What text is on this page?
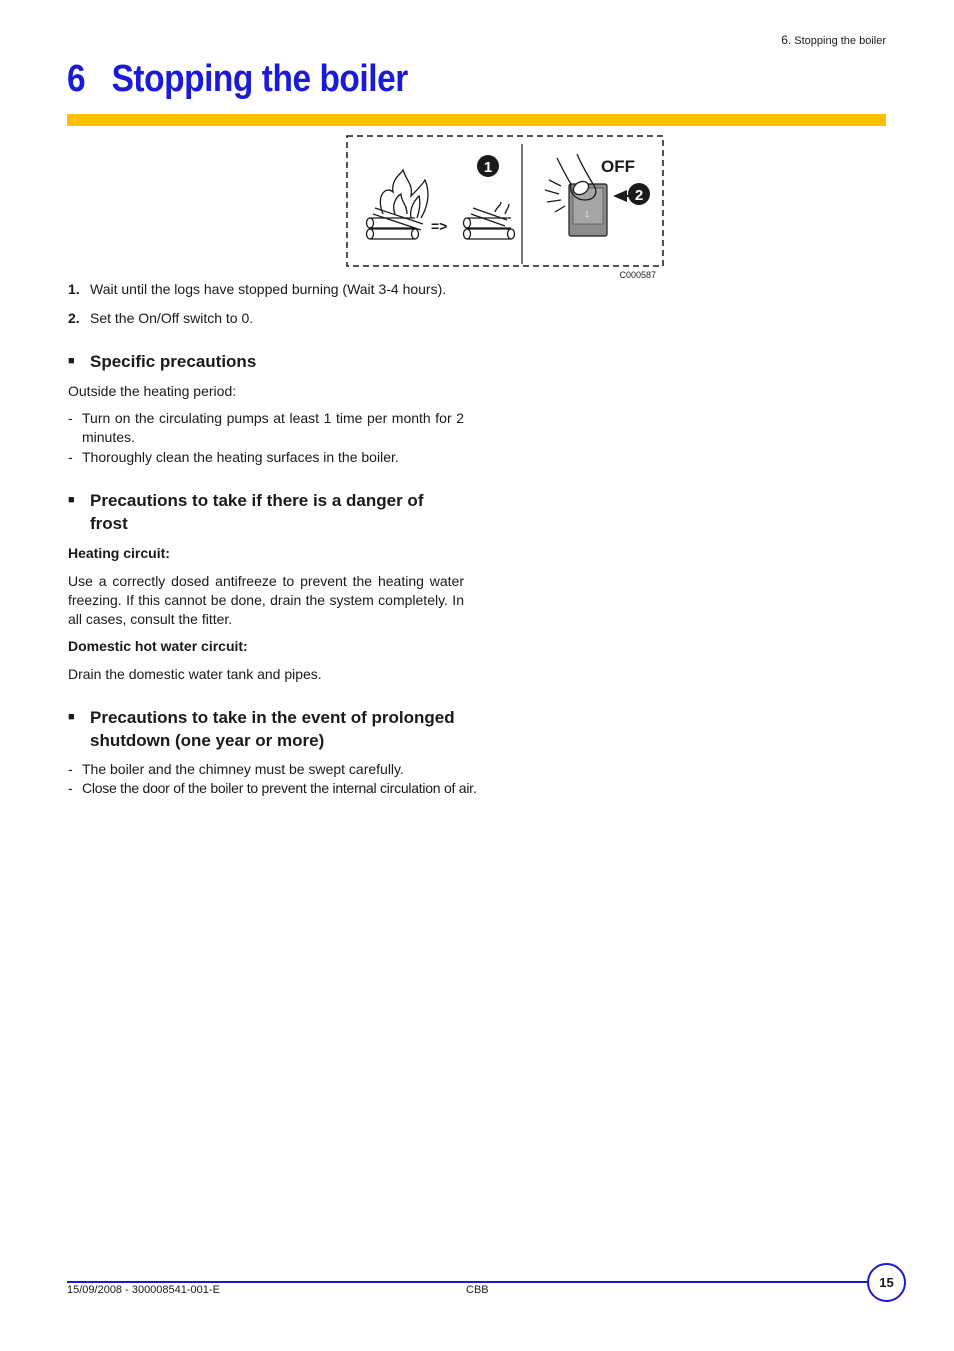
6. Stopping the boiler
6 Stopping the boiler
=>
1	OFF
1
2
C000587
1. Wait until the logs have stopped burning (Wait 3-4 hours).
2. Set the On/Off switch to 0.
■ Specific precautions

Outside the heating period:

- Turn on the circulating pumps at least 1 time per month for 2 minutes.
- Thoroughly clean the heating surfaces in the boiler.
■ Precautions to take if there is a danger of frost
Heating circuit:

Use a correctly dosed antifreeze to prevent the heating water freezing. If this cannot be done, drain the system completely. In all cases, consult the fitter.

Domestic hot water circuit:

Drain the domestic water tank and pipes.

■ Precautions to take in the event of prolonged shutdown (one year or more)
- The boiler and the chimney must be swept carefully.
- Close the door of the boiler to prevent the internal circulation of air.
15
15/09/2008 - 300008541-001-E	CBB
